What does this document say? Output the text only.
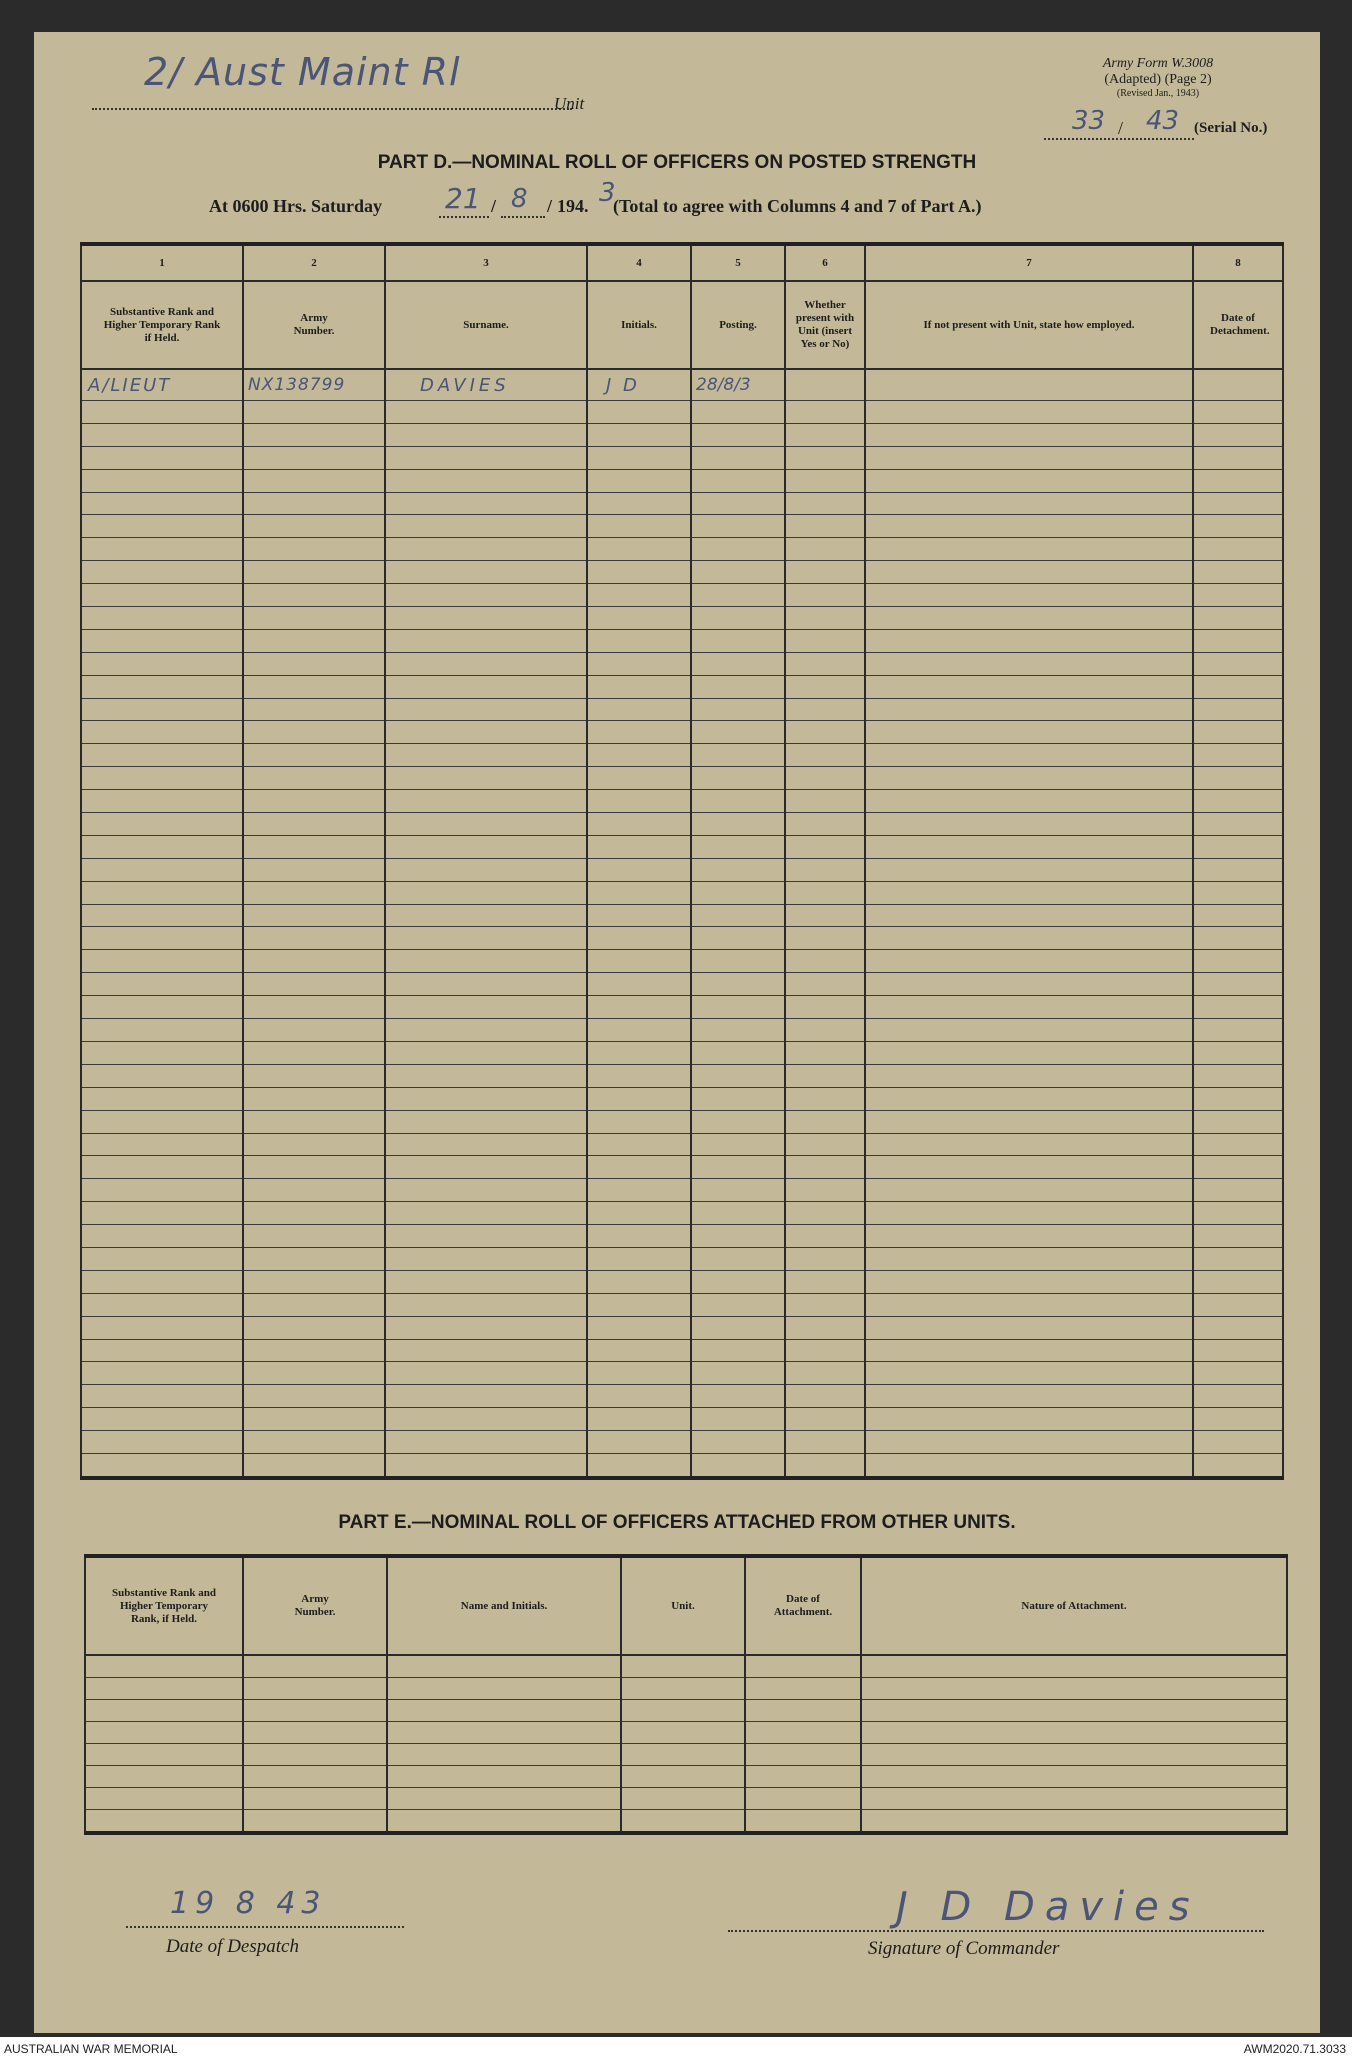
2/ Aust Maint Rl
Unit
Army Form W.3008
(Adapted) (Page 2)
(Revised Jan., 1943)
33 / 43 (Serial No.)
PART D.—NOMINAL ROLL OF OFFICERS ON POSTED STRENGTH
At 0600 Hrs. Saturday 21 / 8 / 194. 3
(Total to agree with Columns 4 and 7 of Part A.)
1	2	3	4	5	6	7	8
Substantive Rank and Higher Temporary Rank if Held.	Army Number.	Surname.	Initials.	Posting.	Whether present with Unit (insert Yes or No)	If not present with Unit, state how employed.	Date of Detachment.
A/LIEUT	NX138799	DAVIES	J D	28/8/3			

PART E.—NOMINAL ROLL OF OFFICERS ATTACHED FROM OTHER UNITS.
Substantive Rank and Higher Temporary Rank, if Held.	Army Number.	Name and Initials.	Unit.	Date of Attachment.	Nature of Attachment.

19 8 43
Date of Despatch
J D Davies
Signature of Commander
AUSTRALIAN WAR MEMORIAL	AWM2020.71.3033
